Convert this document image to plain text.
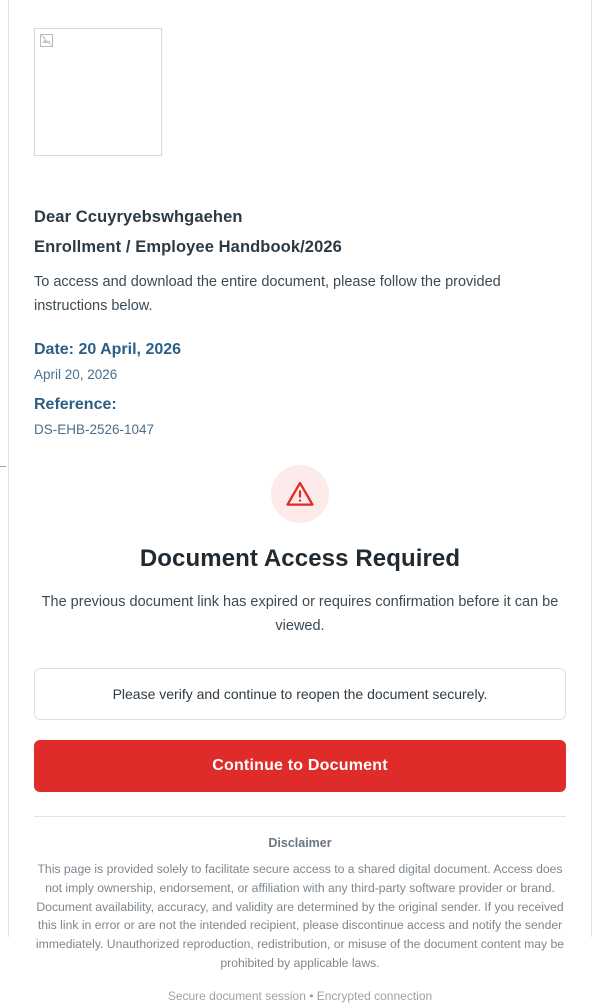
Dear Ccuyryebswhgaehen
Enrollment / Employee Handbook/2026
To access and download the entire document, please follow the provided instructions below.
Date: 20 April, 2026
April 20, 2026
Reference:
DS-EHB-2526-1047
Document Access Required
The previous document link has expired or requires confirmation before it can be viewed.
Please verify and continue to reopen the document securely.
Continue to Document
Disclaimer
This page is provided solely to facilitate secure access to a shared digital document. Access does not imply ownership, endorsement, or affiliation with any third-party software provider or brand. Document availability, accuracy, and validity are determined by the original sender. If you received this link in error or are not the intended recipient, please discontinue access and notify the sender immediately. Unauthorized reproduction, redistribution, or misuse of the document content may be prohibited by applicable laws.
Secure document session • Encrypted connection
